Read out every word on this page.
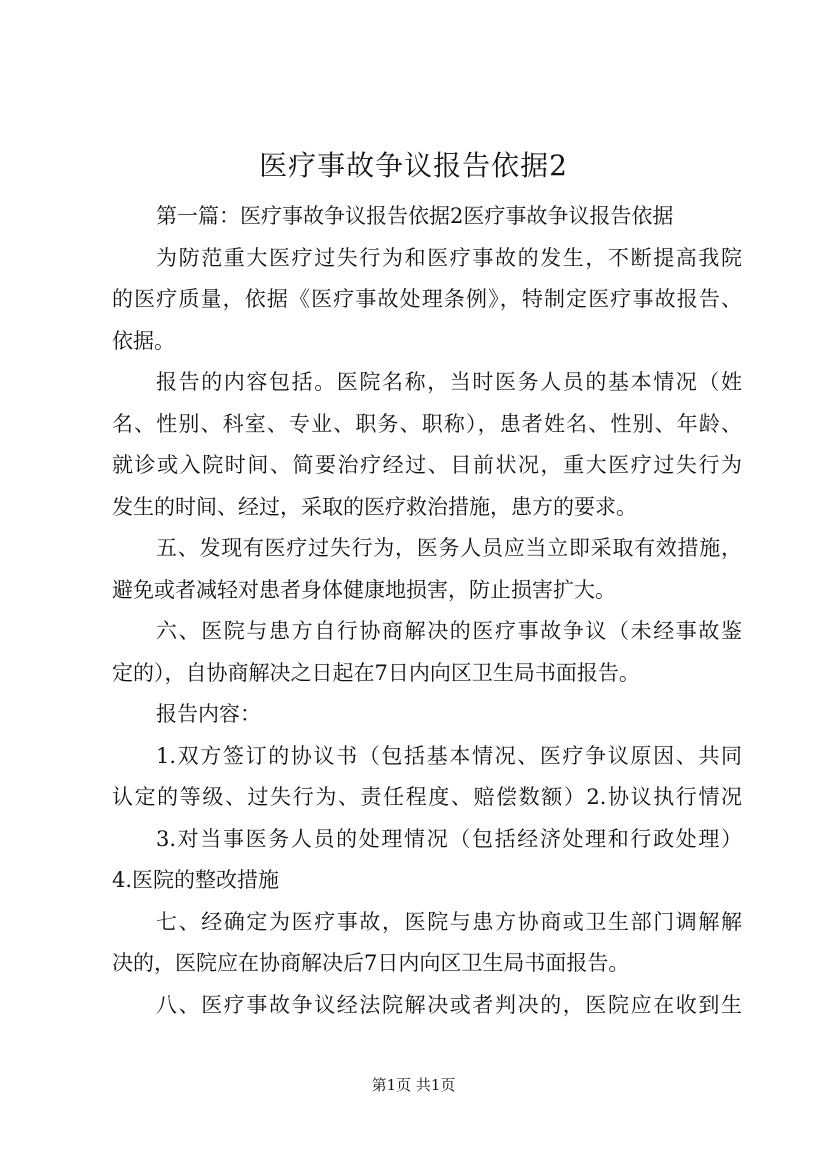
医疗事故争议报告依据2
第一篇：医疗事故争议报告依据2医疗事故争议报告依据
为防范重大医疗过失行为和医疗事故的发生，不断提高我院
的医疗质量，依据《医疗事故处理条例》，特制定医疗事故报告、
依据。
报告的内容包括。医院名称，当时医务人员的基本情况（姓
名、性别、科室、专业、职务、职称），患者姓名、性别、年龄、
就诊或入院时间、简要治疗经过、目前状况，重大医疗过失行为
发生的时间、经过，采取的医疗救治措施，患方的要求。
五、发现有医疗过失行为，医务人员应当立即采取有效措施，
避免或者减轻对患者身体健康地损害，防止损害扩大。
六、医院与患方自行协商解决的医疗事故争议（未经事故鉴
定的），自协商解决之日起在7日内向区卫生局书面报告。
报告内容：
1.双方签订的协议书（包括基本情况、医疗争议原因、共同
认定的等级、过失行为、责任程度、赔偿数额）2.协议执行情况
3.对当事医务人员的处理情况（包括经济处理和行政处理）
4.医院的整改措施
七、经确定为医疗事故，医院与患方协商或卫生部门调解解
决的，医院应在协商解决后7日内向区卫生局书面报告。
八、医疗事故争议经法院解决或者判决的，医院应在收到生
第1页 共1页
